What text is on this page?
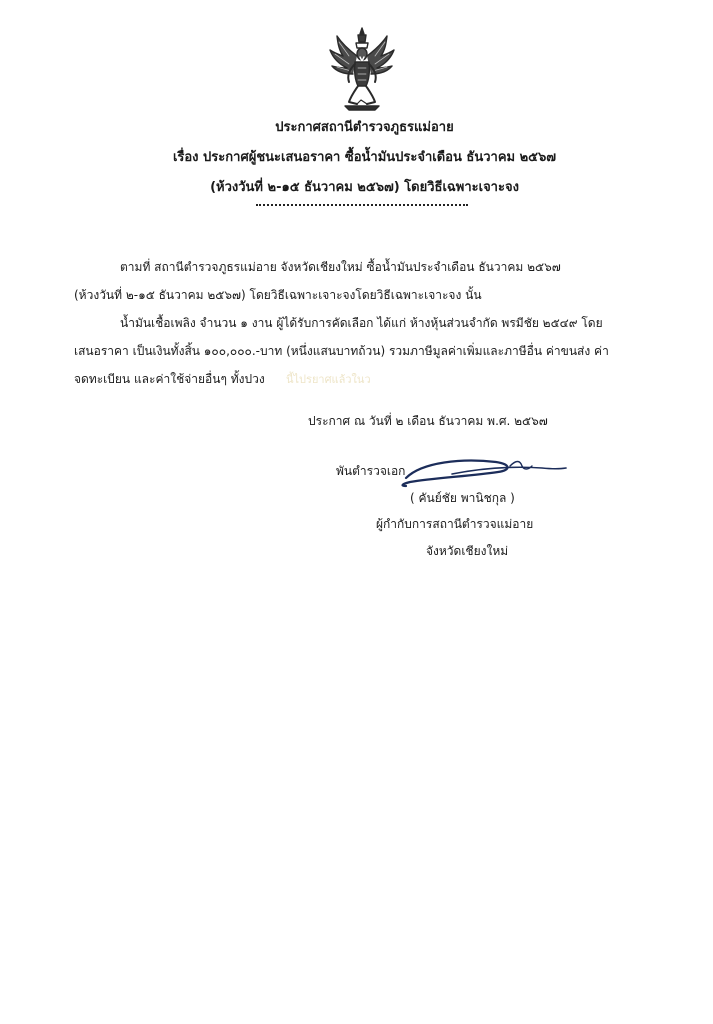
ประกาศสถานีตำรวจภูธรแม่อาย
เรื่อง ประกาศผู้ชนะเสนอราคา ซื้อน้ำมันประจำเดือน ธันวาคม ๒๕๖๗
(ห้วงวันที่ ๒-๑๕ ธันวาคม ๒๕๖๗) โดยวิธีเฉพาะเจาะจง
ตามที่ สถานีตำรวจภูธรแม่อาย จังหวัดเชียงใหม่ ซื้อน้ำมันประจำเดือน ธันวาคม ๒๕๖๗
(ห้วงวันที่ ๒-๑๕ ธันวาคม ๒๕๖๗) โดยวิธีเฉพาะเจาะจงโดยวิธีเฉพาะเจาะจง นั้น
น้ำมันเชื้อเพลิง จำนวน ๑ งาน ผู้ได้รับการคัดเลือก ได้แก่ ห้างหุ้นส่วนจำกัด พรมีชัย ๒๕๔๙ โดย
เสนอราคา เป็นเงินทั้งสิ้น ๑๐๐,๐๐๐.-บาท (หนึ่งแสนบาทถ้วน) รวมภาษีมูลค่าเพิ่มและภาษีอื่น ค่าขนส่ง ค่า
จดทะเบียน และค่าใช้จ่ายอื่นๆ ทั้งปวง นี้ไปรยาศแล้วในว
ประกาศ ณ วันที่ ๒ เดือน ธันวาคม พ.ศ. ๒๕๖๗
พันตำรวจเอก
( คันย์ชัย พานิชกุล )
ผู้กำกับการสถานีตำรวจแม่อาย
จังหวัดเชียงใหม่
